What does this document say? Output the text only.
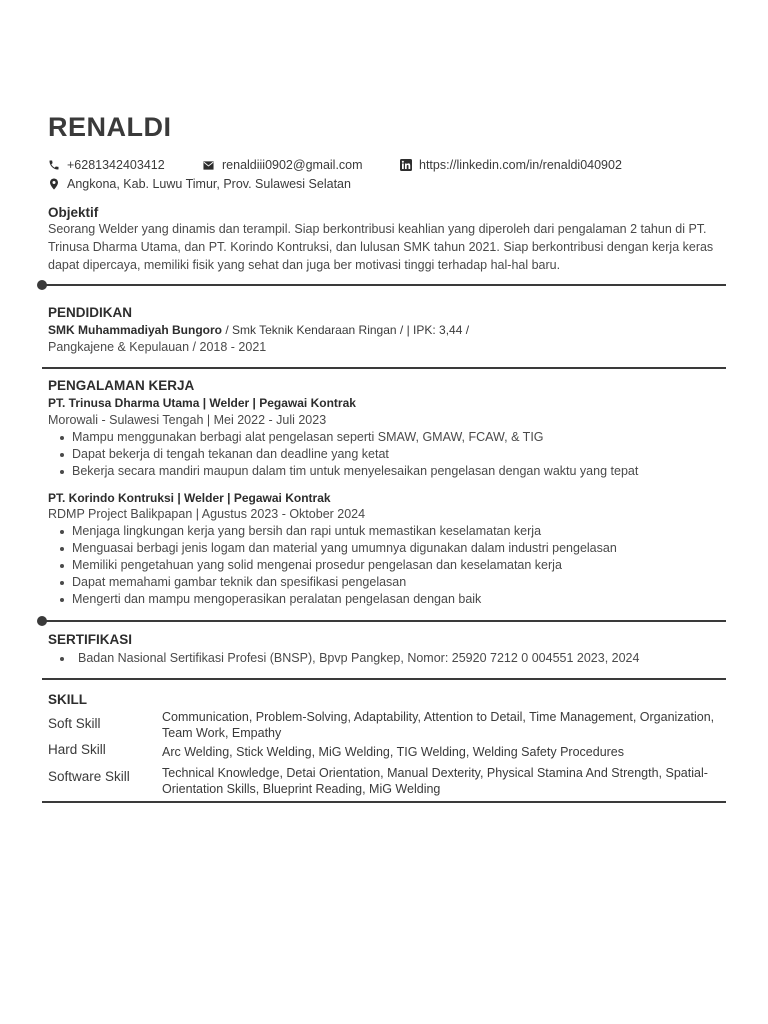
RENALDI
+6281342403412	renaldiii0902@gmail.com	https://linkedin.com/in/renaldi040902
Angkona, Kab. Luwu Timur, Prov. Sulawesi Selatan
Objektif

Seorang Welder yang dinamis dan terampil. Siap berkontribusi keahlian yang diperoleh dari pengalaman 2 tahun di PT. Trinusa Dharma Utama, dan PT. Korindo Kontruksi, dan lulusan SMK tahun 2021. Siap berkontribusi dengan kerja keras dapat dipercaya, memiliki fisik yang sehat dan juga ber motivasi tinggi terhadap hal-hal baru.

PENDIDIKAN
SMK Muhammadiyah Bungoro / Smk Teknik Kendaraan Ringan / | IPK: 3,44 /
Pangkajene & Kepulauan / 2018 - 2021
PENGALAMAN KERJA
PT. Trinusa Dharma Utama | Welder | Pegawai Kontrak
Morowali - Sulawesi Tengah | Mei 2022 - Juli 2023
Mampu menggunakan berbagi alat pengelasan seperti SMAW, GMAW, FCAW, & TIG
Dapat bekerja di tengah tekanan dan deadline yang ketat
Bekerja secara mandiri maupun dalam tim untuk menyelesaikan pengelasan dengan waktu yang tepat
PT. Korindo Kontruksi | Welder | Pegawai Kontrak
RDMP Project Balikpapan | Agustus 2023 - Oktober 2024
Menjaga lingkungan kerja yang bersih dan rapi untuk memastikan keselamatan kerja
Menguasai berbagi jenis logam dan material yang umumnya digunakan dalam industri pengelasan
Memiliki pengetahuan yang solid mengenai prosedur pengelasan dan keselamatan kerja
Dapat memahami gambar teknik dan spesifikasi pengelasan
Mengerti dan mampu mengoperasikan peralatan pengelasan dengan baik
SERTIFIKASI
Badan Nasional Sertifikasi Profesi (BNSP), Bpvp Pangkep, Nomor: 25920 7212 0 004551 2023, 2024
SKILL
Soft Skill	Communication, Problem-Solving, Adaptability, Attention to Detail, Time Management, Organization, Team Work, Empathy
Hard Skill	Arc Welding, Stick Welding, MiG Welding, TIG Welding, Welding Safety Procedures
Software Skill	Technical Knowledge, Detai Orientation, Manual Dexterity, Physical Stamina And Strength, Spatial-Orientation Skills, Blueprint Reading, MiG Welding
